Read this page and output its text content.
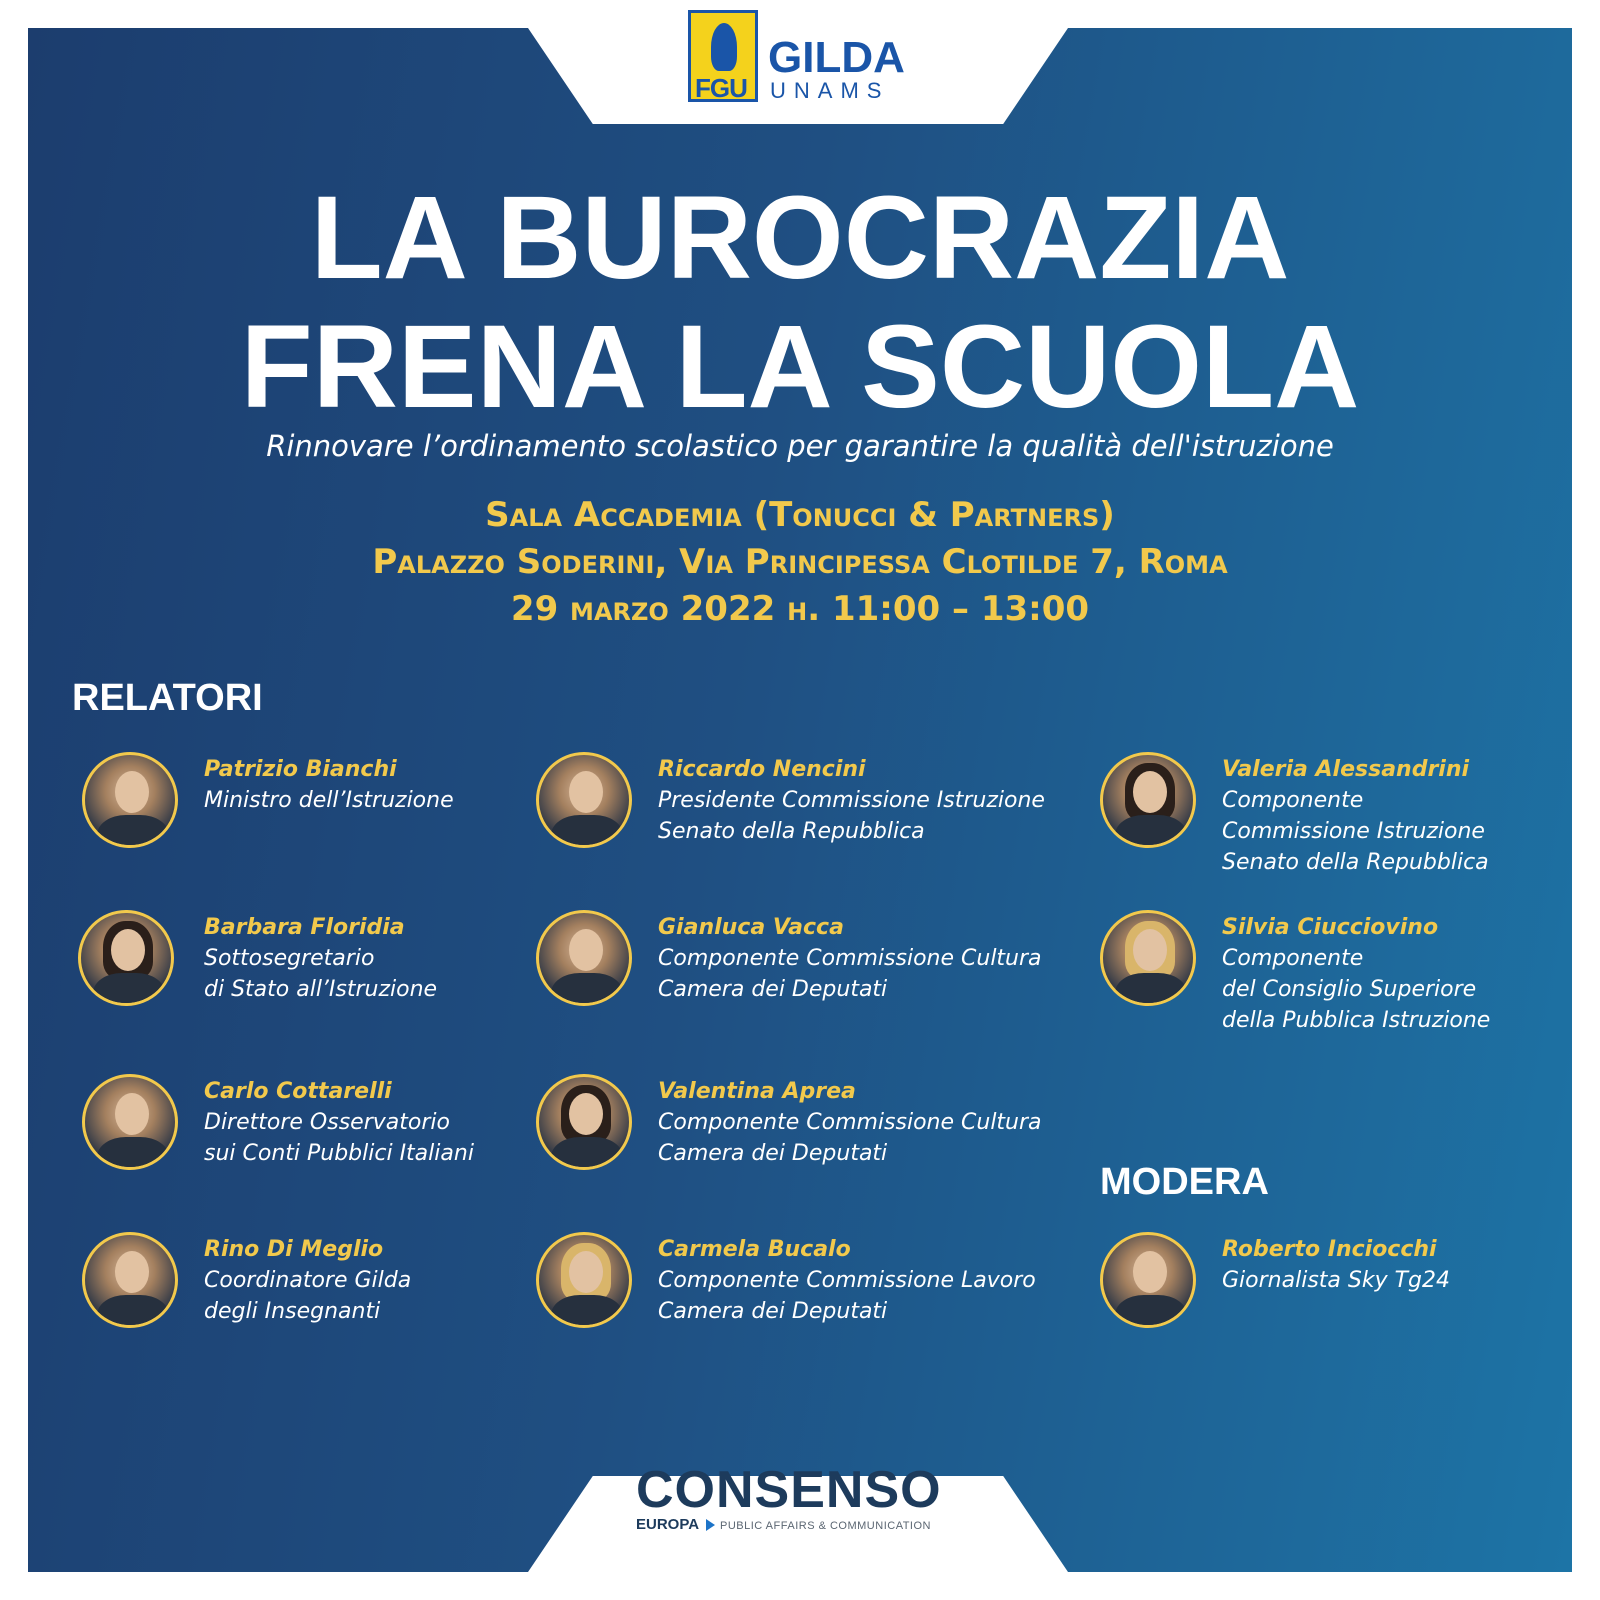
FGU
GILDA
UNAMS
LA BUROCRAZIA
FRENA LA SCUOLA
Rinnovare l’ordinamento scolastico per garantire la qualità dell'istruzione
Sala Accademia (Tonucci & Partners)
Palazzo Soderini, Via Principessa Clotilde 7, Roma
29 marzo 2022 h. 11:00 – 13:00
RELATORI
Patrizio Bianchi
Ministro dell’Istruzione
Barbara Floridia
Sottosegretario
di Stato all’Istruzione
Carlo Cottarelli
Direttore Osservatorio
sui Conti Pubblici Italiani
Rino Di Meglio
Coordinatore Gilda
degli Insegnanti
Riccardo Nencini
Presidente Commissione Istruzione
Senato della Repubblica
Gianluca Vacca
Componente Commissione Cultura
Camera dei Deputati
Valentina Aprea
Componente Commissione Cultura
Camera dei Deputati
Carmela Bucalo
Componente Commissione Lavoro
Camera dei Deputati
Valeria Alessandrini
Componente
Commissione Istruzione
Senato della Repubblica
Silvia Ciucciovino
Componente
del Consiglio Superiore
della Pubblica Istruzione
MODERA
Roberto Inciocchi
Giornalista Sky Tg24
CONSENSO
EUROPA PUBLIC AFFAIRS & COMMUNICATION
